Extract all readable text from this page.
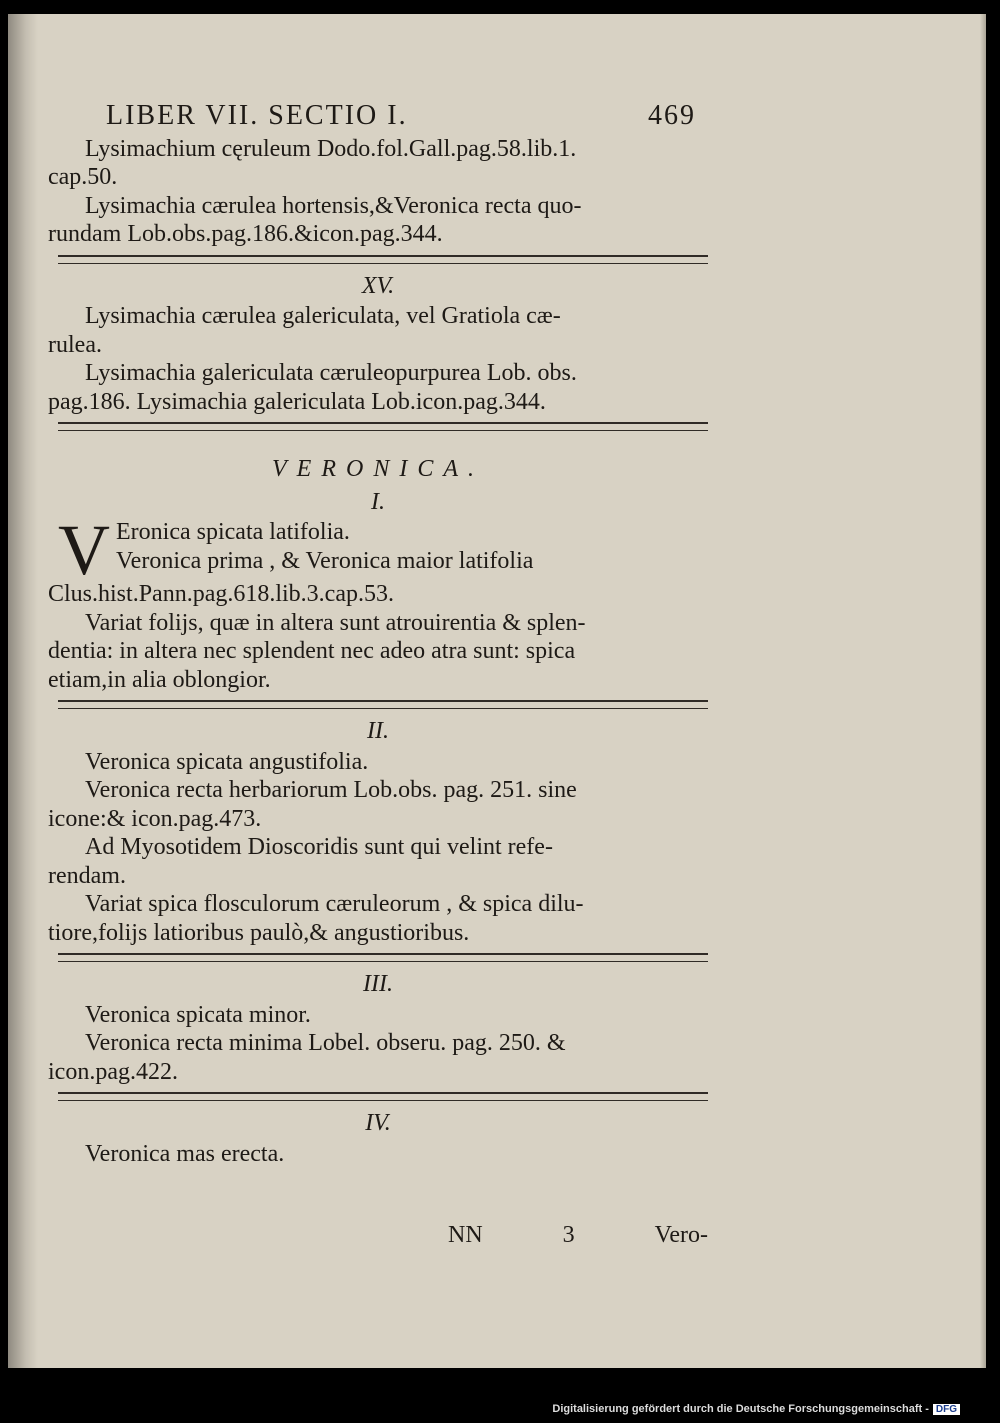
LIBER VII. SECTIO I.	469
Lysimachium cęruleum Dodo.fol.Gall.pag.58.lib.1.
cap.50.
Lysimachia cærulea hortensis,&Veronica recta quo-
rundam Lob.obs.pag.186.&icon.pag.344.
XV.
Lysimachia cærulea galericulata, vel Gratiola cæ-
rulea.
Lysimachia galericulata cæruleopurpurea Lob. obs.
pag.186. Lysimachia galericulata Lob.icon.pag.344.
VERONICA.
I.
V Eronica spicata latifolia.
Veronica prima , & Veronica maior latifolia
Clus.hist.Pann.pag.618.lib.3.cap.53.
Variat folijs, quæ in altera sunt atrouirentia & splen-
dentia: in altera nec splendent nec adeo atra sunt: spica
etiam,in alia oblongior.
II.
Veronica spicata angustifolia.
Veronica recta herbariorum Lob.obs. pag. 251. sine
icone:& icon.pag.473.
Ad Myosotidem Dioscoridis sunt qui velint refe-
rendam.
Variat spica flosculorum cæruleorum , & spica dilu-
tiore,folijs latioribus paulò,& angustioribus.
III.
Veronica spicata minor.
Veronica recta minima Lobel. obseru. pag. 250. &
icon.pag.422.
IV.
Veronica mas erecta.
NN	3	Vero-
Digitalisierung gefördert durch die Deutsche Forschungsgemeinschaft - DFG
